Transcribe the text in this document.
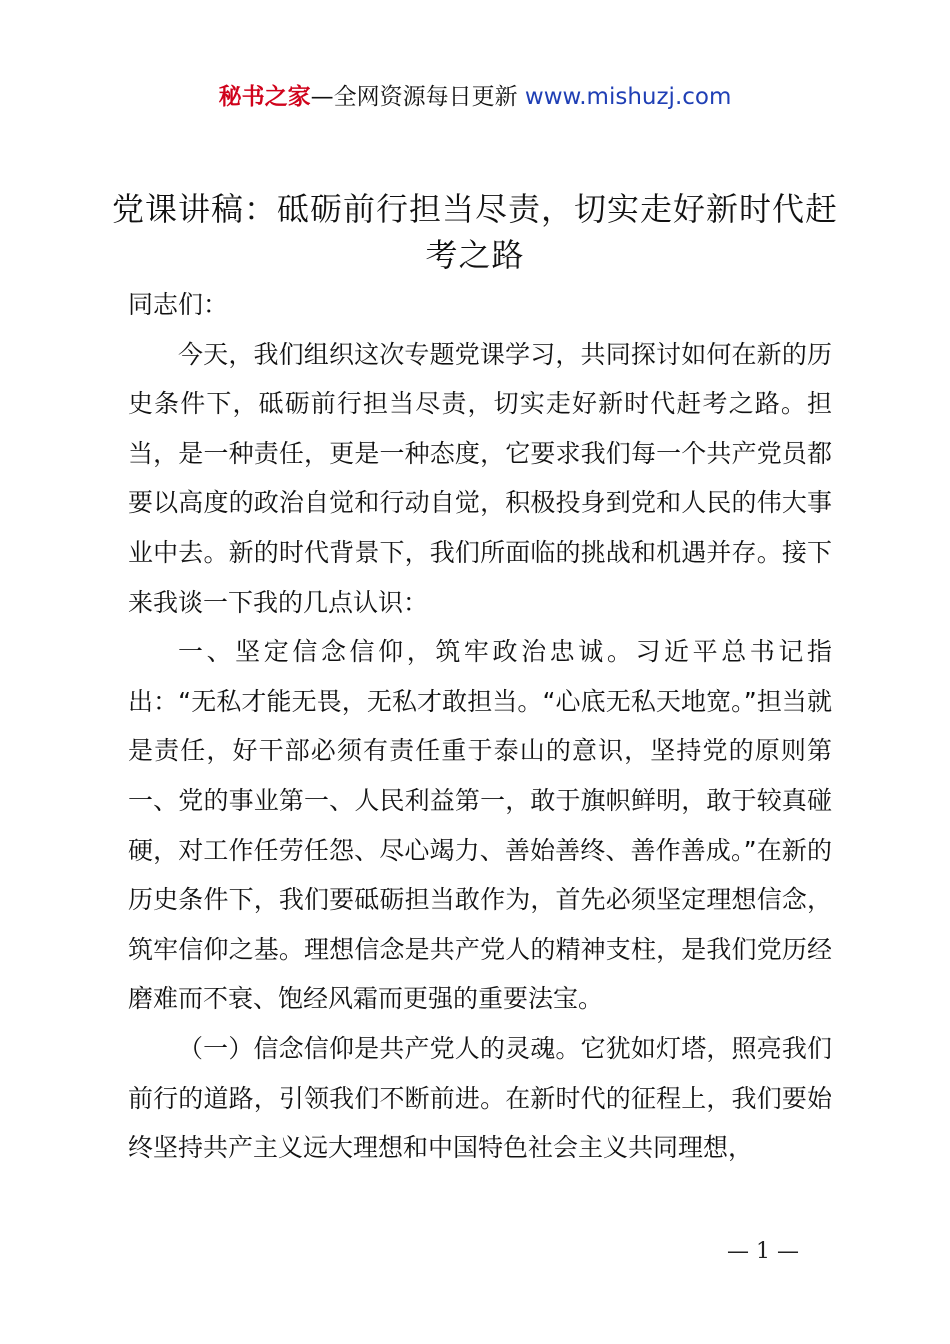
秘书之家—全网资源每日更新 www.mishuzj.com
党课讲稿：砥砺前行担当尽责，切实走好新时代赶考之路

同志们：

今天，我们组织这次专题党课学习，共同探讨如何在新的历史条件下，砥砺前行担当尽责，切实走好新时代赶考之路。担当，是一种责任，更是一种态度，它要求我们每一个共产党员都要以高度的政治自觉和行动自觉，积极投身到党和人民的伟大事业中去。新的时代背景下，我们所面临的挑战和机遇并存。接下来我谈一下我的几点认识：

一、坚定信念信仰，筑牢政治忠诚。习近平总书记指出：“无私才能无畏，无私才敢担当。“心底无私天地宽。”担当就是责任，好干部必须有责任重于泰山的意识，坚持党的原则第一、党的事业第一、人民利益第一，敢于旗帜鲜明，敢于较真碰硬，对工作任劳任怨、尽心竭力、善始善终、善作善成。”在新的历史条件下，我们要砥砺担当敢作为，首先必须坚定理想信念，筑牢信仰之基。理想信念是共产党人的精神支柱，是我们党历经磨难而不衰、饱经风霜而更强的重要法宝。

（一）信念信仰是共产党人的灵魂。它犹如灯塔，照亮我们前行的道路，引领我们不断前进。在新时代的征程上，我们要始终坚持共产主义远大理想和中国特色社会主义共同理想，

— 1 —
